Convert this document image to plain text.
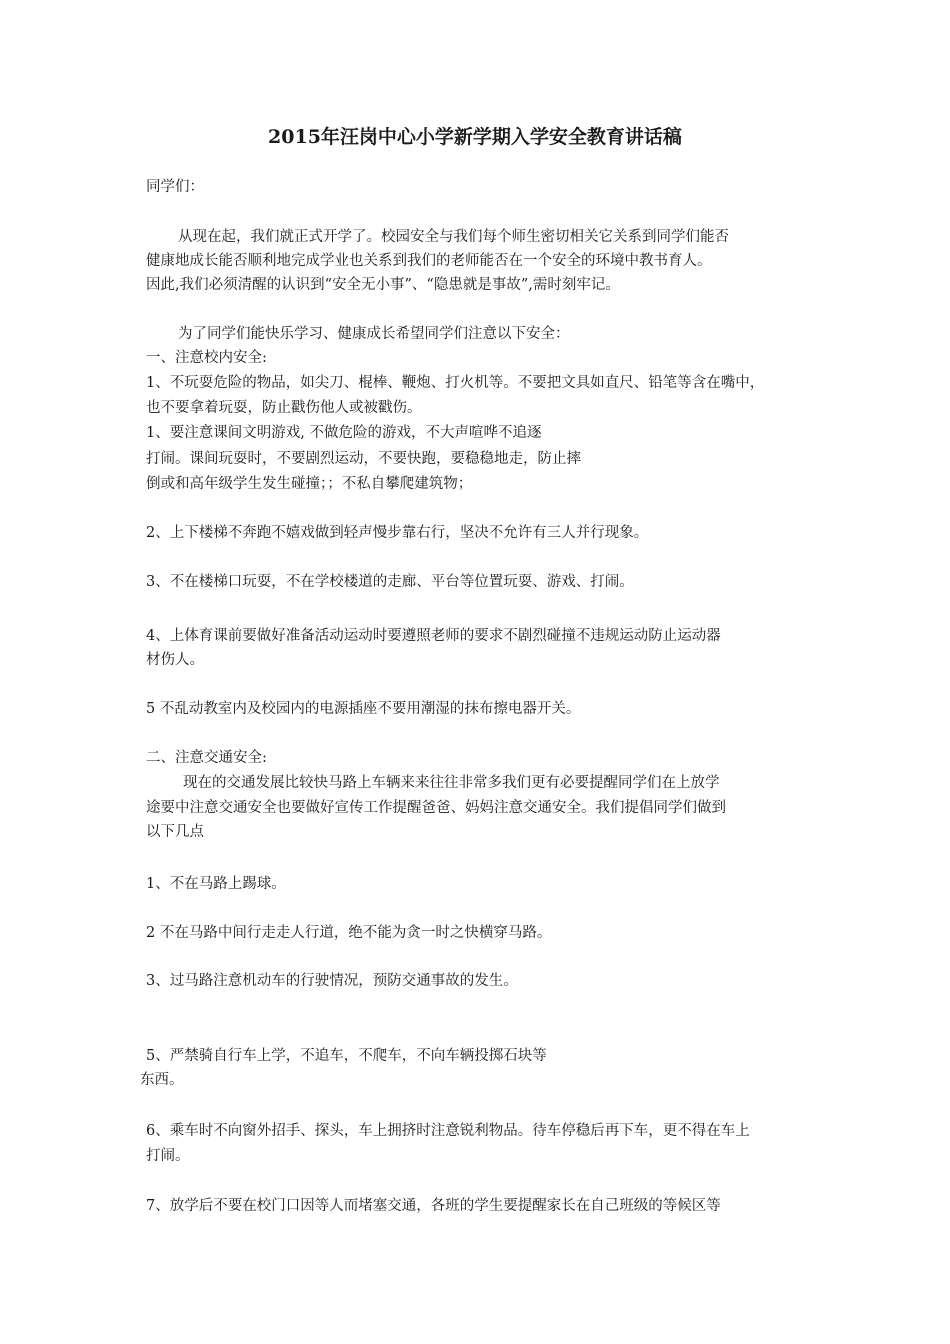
2015年汪岗中心小学新学期入学安全教育讲话稿
同学们：
从现在起，我们就正式开学了。校园安全与我们每个师生密切相关它关系到同学们能否
健康地成长能否顺利地完成学业也关系到我们的老师能否在一个安全的环境中教书育人。
因此,我们必须清醒的认识到“安全无小事”、“隐患就是事故”,需时刻牢记。
为了同学们能快乐学习、健康成长希望同学们注意以下安全：
一、注意校内安全:
1、不玩耍危险的物品，如尖刀、棍棒、鞭炮、打火机等。不要把文具如直尺、铅笔等含在嘴中，
也不要拿着玩耍，防止戳伤他人或被戳伤。
1、要注意课间文明游戏, 不做危险的游戏，不大声喧哗不追逐
打闹。课间玩耍时，不要剧烈运动，不要快跑，要稳稳地走，防止摔
倒或和高年级学生发生碰撞；；不私自攀爬建筑物；
2、上下楼梯不奔跑不嬉戏做到轻声慢步靠右行，坚决不允许有三人并行现象。
3、不在楼梯口玩耍，不在学校楼道的走廊、平台等位置玩耍、游戏、打闹。
4、上体育课前要做好准备活动运动时要遵照老师的要求不剧烈碰撞不违规运动防止运动器
材伤人。
5 不乱动教室内及校园内的电源插座不要用潮湿的抹布擦电器开关。
二、注意交通安全:
现在的交通发展比较快马路上车辆来来往往非常多我们更有必要提醒同学们在上放学
途要中注意交通安全也要做好宣传工作提醒爸爸、妈妈注意交通安全。我们提倡同学们做到
以下几点
1、不在马路上踢球。
2 不在马路中间行走走人行道，绝不能为贪一时之快横穿马路。
3、过马路注意机动车的行驶情况，预防交通事故的发生。
5、严禁骑自行车上学，不追车，不爬车，不向车辆投掷石块等
东西。
6、乘车时不向窗外招手、探头，车上拥挤时注意锐利物品。待车停稳后再下车，更不得在车上
打闹。
7、放学后不要在校门口因等人而堵塞交通，各班的学生要提醒家长在自己班级的等候区等
